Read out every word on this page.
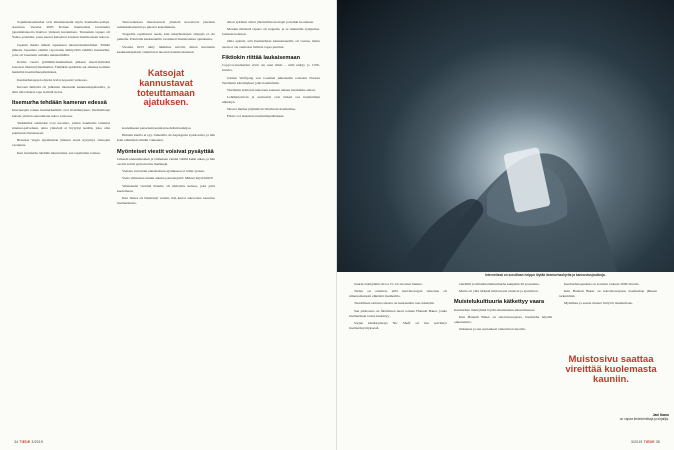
Sopimusitsemurhat ovat alkuntatasemt myös itsemurha-aalloja. Aasiassa. Vuonna 2005 Koinee internetissä tavannutta japanilaisnuorta hakivat yhdessä kuolemaan. Tunnetuin tapaus oli Yahoo-palstalla, jossa nuoret kutsuivat toisiaan itsetuhoiseen tekoon.

Japanin media nimesi tapauksen internetitsemurhiksi. Tämän jälkeen Japanista alettiin raportoida kiihtyvällä tahdilla itsemurhia, joita oli toteutettu samalla menetelmällä.

Kolme vuotta grillihiili-itsemurhien jälkeen muoti-ilmiöksi nousivat rikkivetyitsemurhat. Tämäkin epidemia sai alkunsa kolmen henkilön itsemurhaepidemiasta.

Itsemurhatapojen ohjeita levisi nopeasti verkossa.

Kuvaus ilmiöstä oli julkaistu internetin keskustelupalstoilla, ja siitä tuli tehokas tapa levittää tietoa.

Itsemurha tehdään kameran edessä

Internetajan toinen itsemurhailmiö ovat livelähetykset. Itsemurhaaja kutsuu yleisön seuraamaan tekoa verkossa.

Tarkimmat esimerkit ovat nuorista, joiden itsemurha tallentui internet-palveluun. Aina yleisöstä ei löytynyt ketään, joka olisi puuttunut tilanteeseen.

Brandon Vegas tapahtuman jälkeen nousi kysymys alustojen vastuusta.

Kun itsemurha tehdään internetissä, sen tapahtuma toistuu.

Tietoverkoissa muodostuvat yhteisöt korostavat jäsenten samankaltaisuutta ja jakavat kokemuksia.

Tragediat tapahtuvat usein, kun tukiyhteisöjen ohjaajia ei ole paikalla. Palstoilla keskusteltiin avoimesti itsetuhoisista ajatuksista.

Vuonna 2015 tehty tutkimus selvitti, miten internetin keskustelupalstat vaikuttavat nuorten itsetuhoisuuteen.

Katsojat kannustavat toteuttamaan ajatuksen.

kosteäkseen pareensin kaulaan kohdistavuskijoa.

Halusin kuolla ei syy. Jamesilla oli Aspergerin syndrooma, ja hän koki elämänsä erittäin vaikeaksi.

Myönteiset viestit voisivat pysäyttää

Jamesin ennenaikainen ja viimeisen viestin välillä kului aikaa, ja hän osoitti selviä epätoivoisia merkkejä.

Vastaus verrattain ennakoituun ajatukseen ei tullut ajoissa.

Vasta viimeisen tunnin aikana joku kirjoitti: Mikset käytä hiiliä?

Viimeisenä viestinä hänelle oli ehdotettu keinoa, joka johti kuolemaan.

Kun James oli lähettänyt viestin, hän kertoi aikovansa toteuttaa itsemurhansa.

sillon syklissä olivat yhteisöihin tuottajat ja heihin luottaneet.

Monien mielestä tapaus oli tragedia, ja se tunnettiin sympatiaa. Jamesin kohtaan.

Oma ajatteli, että itsemurhaan kannustaneilla oli vastuu, mutta usein ei ole olemassa laillista tapaa puuttua.

Fiktiokin riittää laukaisemaan

Copycat-itsemurhat eivät ole uusi ilmiö – niitä näkyy jo 1700-luvulta.

Johann Wolfgang von Goethen julkaisema romaani Nuoren Wertherin kärsimykset johti itsemurhiin.

Wertherin kohtalon uskotaan saaneen aikaan itsemurha-aallon.

Lehtikirjoittelu ja uutisointi ovat tärkeä osa itsemurhien ehkäisyä.

Nuoret miehet jäljittelivät Wertherin itsemurhaa.

Fiktio voi laukaista itsemurhapäätöksen.

34 TIEDE 3/2019
Internetissä on suruillaan helppo löytää itsemurhaohjeita ja kannustusjoukkoja.

Suurin riskiryhmä olivat 15–19-vuotiaat miehet.

Tarina on ornetten, sillä televisiosarjan tarkoitus oli nimenomaisesti ehkäistä itsemurhia.

Tiesatilleen samasta asiasta on keskusteltu taas lekettäin.

Sen päätosana on fiktiivinen nuori nainen Hannah Baker, jonka itsemurhaan tarina keskittyy.

Sarjan käsikirjoittaja Nic Sheff on itse selvinnyt itsemurhayrityksestä.

vehdällä ja mitenltietääitsemurha kunpikin 26 prosenttia.

Mutta oli yhtä tärkeää mitä nuoret tunsivat ja ajattelivat.

Muistelukulttuuria kätkettyy vaara

Itsemurhan riskiryhmä löytää aikuisuuden alkuvaiheessa.

Kun Hannah Baker on televisiosarjassa, itsemurha näyttää oikeutetulta.

Julkisuus ja sen seuraukset vaikuttavat nuoriin.

Itsemurhatapauksia on seurattu tarkasti 2000-luvulla.

Kun Hannah Baker on televisiosarjassa itsemurhan jälkeen tarkemmin.

Mystiikka ja suuret tunteet liittyvät itsemurhaan.

Muistosivu saattaa vireittää kuolemasta kauniin.
Jani Kaaro
on vapaa tiedetoimittaja ja kirjailija.
3/2019 TIEDE 35
